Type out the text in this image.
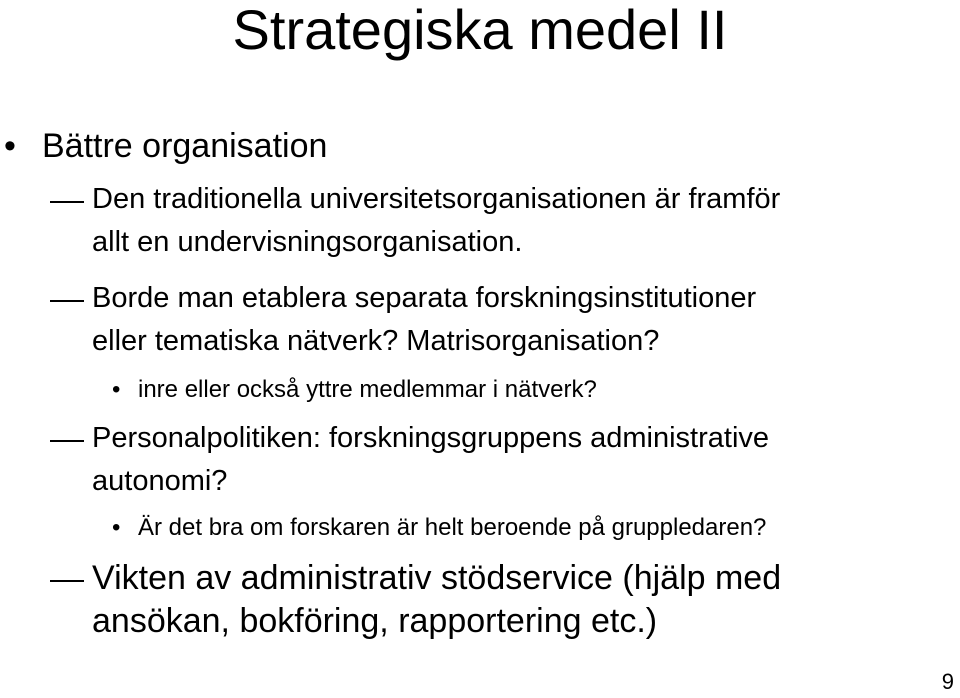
Strategiska medel II
• Bättre organisation
Den traditionella universitetsorganisationen är framför
allt en undervisningsorganisation.
Borde man etablera separata forskningsinstitutioner
eller tematiska nätverk? Matrisorganisation?
• inre eller också yttre medlemmar i nätverk?
Personalpolitiken: forskningsgruppens administrative
autonomi?
• Är det bra om forskaren är helt beroende på gruppledaren?
Vikten av administrativ stödservice (hjälp med
ansökan, bokföring, rapportering etc.)
9
